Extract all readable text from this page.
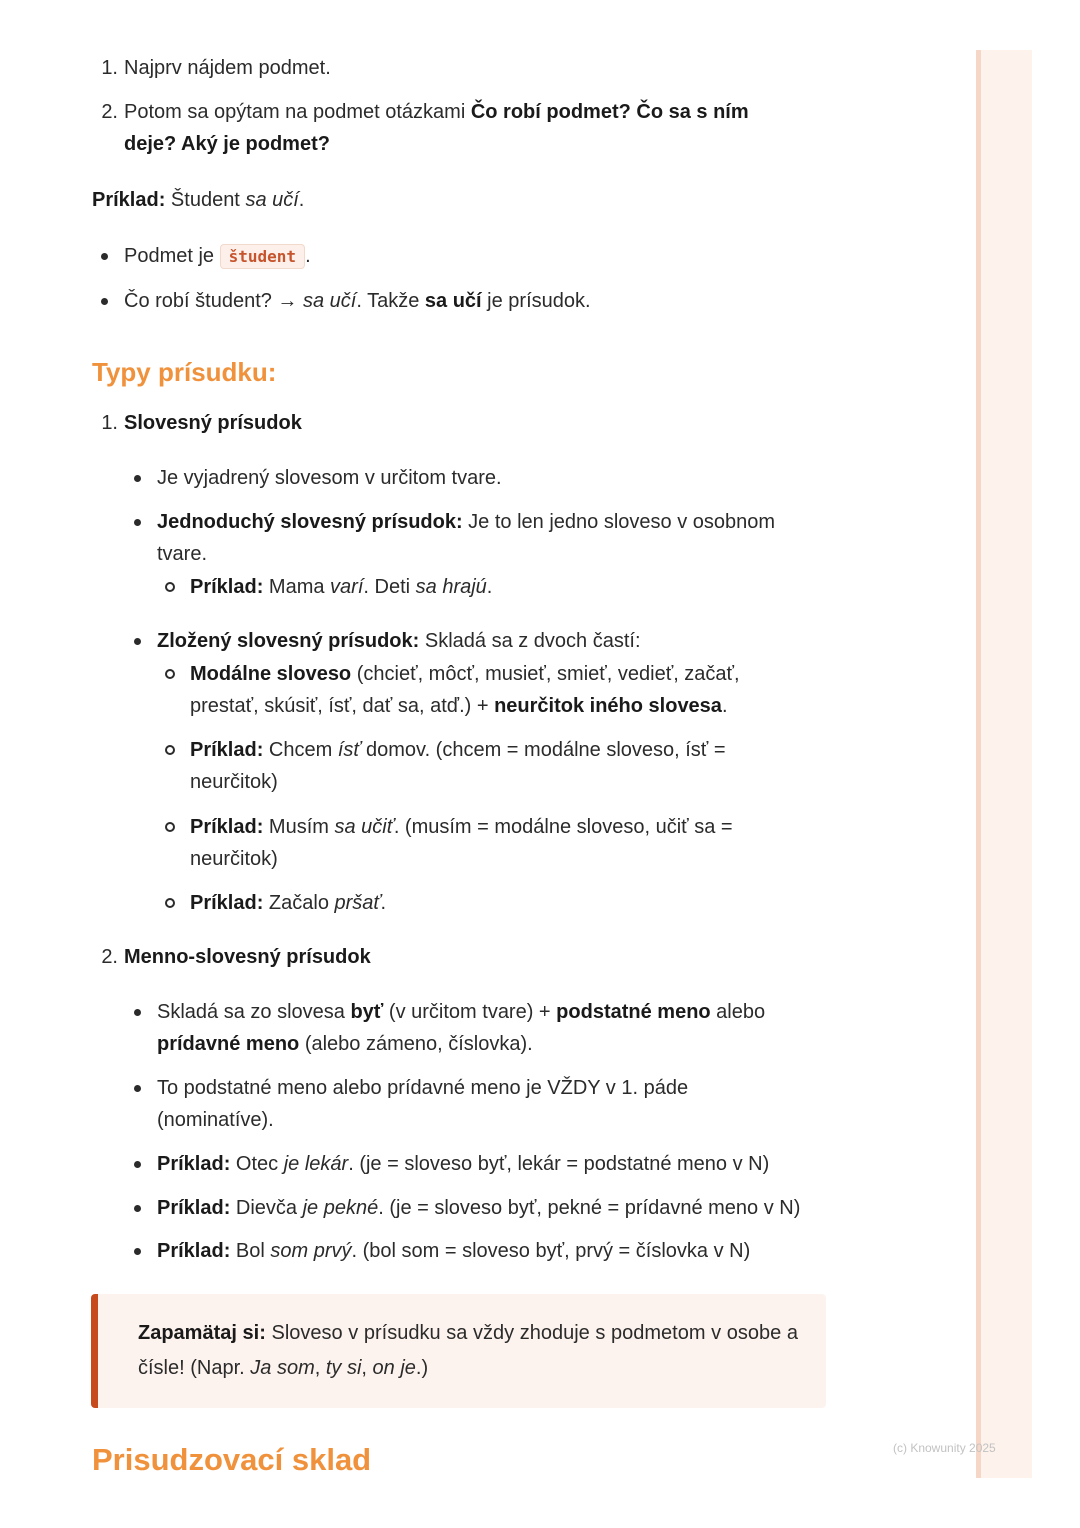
1. Najprv nájdem podmet.
2. Potom sa opýtam na podmet otázkami Čo robí podmet? Čo sa s ním
deje? Aký je podmet?
Príklad: Študent sa učí.
Podmet je študent .
Čo robí študent? → sa učí. Takže sa učí je prísudok.
Typy prísudku:
1. Slovesný prísudok
Je vyjadrený slovesom v určitom tvare.
Jednoduchý slovesný prísudok: Je to len jedno sloveso v osobnom
tvare.
Príklad: Mama varí. Deti sa hrajú.
Zložený slovesný prísudok: Skladá sa z dvoch častí:
Modálne sloveso (chcieť, môcť, musieť, smieť, vedieť, začať,
prestať, skúsiť, ísť, dať sa, atď.) + neurčitok iného slovesa.
Príklad: Chcem ísť domov. (chcem = modálne sloveso, ísť =
neurčitok)
Príklad: Musím sa učiť. (musím = modálne sloveso, učiť sa =
neurčitok)
Príklad: Začalo pršať.
2. Menno-slovesný prísudok
Skladá sa zo slovesa byť (v určitom tvare) + podstatné meno alebo
prídavné meno (alebo zámeno, číslovka).
To podstatné meno alebo prídavné meno je VŽDY v 1. páde
(nominatíve).
Príklad: Otec je lekár. (je = sloveso byť, lekár = podstatné meno v N)
Príklad: Dievča je pekné. (je = sloveso byť, pekné = prídavné meno v N)
Príklad: Bol som prvý. (bol som = sloveso byť, prvý = číslovka v N)
Zapamätaj si: Sloveso v prísudku sa vždy zhoduje s podmetom v osobe a čísle! (Napr. Ja som, ty si, on je.)
Prisudzovací sklad	(c) Knowunity 2025
